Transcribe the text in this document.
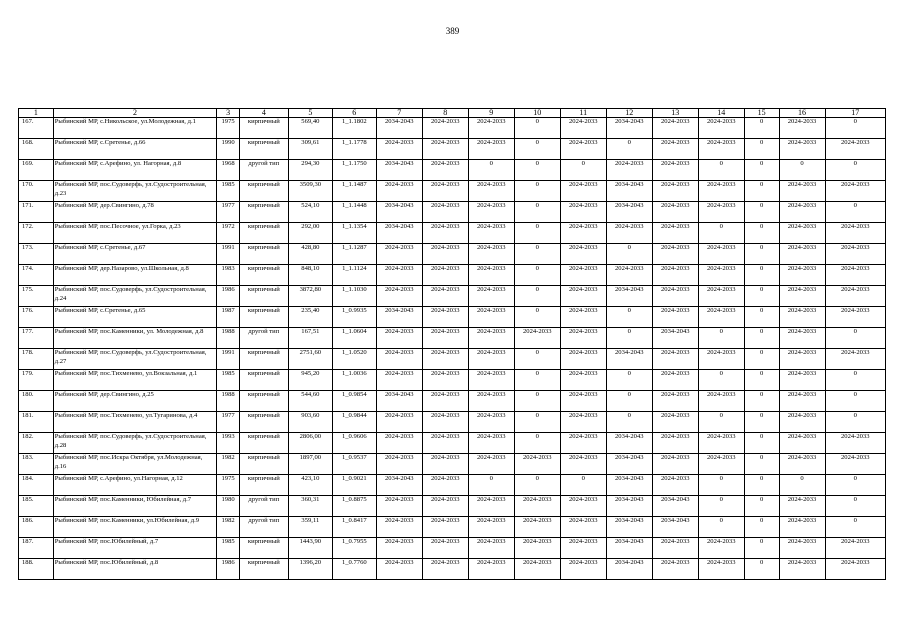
389
1	2	3	4	5	6	7	8	9	10	11	12	13	14	15	16	17
167.	Рыбинский МР, с.Никольское, ул.Молодежная, д.1	1975	кирпичный	569,40	1_1.1802	2034-2043	2024-2033	2024-2033	0	2024-2033	2034-2043	2024-2033	2024-2033	0	2024-2033	0
168.	Рыбинский МР, с.Сретенье, д.66	1990	кирпичный	309,61	1_1.1778	2024-2033	2024-2033	2024-2033	0	2024-2033	0	2024-2033	2024-2033	0	2024-2033	2024-2033
169.	Рыбинский МР, с.Арефино, ул. Нагорная, д.8	1968	другой тип	294,30	1_1.1750	2034-2043	2024-2033	0	0	0	2024-2033	2024-2033	0	0	0	0
170.	Рыбинский МР, пос.Судоверфь, ул.Судостроительная, д.23	1985	кирпичный	3509,30	1_1.1487	2024-2033	2024-2033	2024-2033	0	2024-2033	2034-2043	2024-2033	2024-2033	0	2024-2033	2024-2033
171.	Рыбинский МР, дер.Свингино, д.78	1977	кирпичный	524,10	1_1.1448	2034-2043	2024-2033	2024-2033	0	2024-2033	2034-2043	2024-2033	2024-2033	0	2024-2033	0
172.	Рыбинский МР, пос.Песочное, ул.Горка, д.23	1972	кирпичный	292,00	1_1.1354	2034-2043	2024-2033	2024-2033	0	2024-2033	2024-2033	2024-2033	0	0	2024-2033	2024-2033
173.	Рыбинский МР, с.Сретенье, д.67	1991	кирпичный	428,80	1_1.1287	2024-2033	2024-2033	2024-2033	0	2024-2033	0	2024-2033	2024-2033	0	2024-2033	2024-2033
174.	Рыбинский МР, дер.Назарово, ул.Школьная, д.8	1983	кирпичный	848,10	1_1.1124	2024-2033	2024-2033	2024-2033	0	2024-2033	2024-2033	2024-2033	2024-2033	0	2024-2033	2024-2033
175.	Рыбинский МР, пос.Судоверфь, ул.Судостроительная, д.24	1986	кирпичный	3872,80	1_1.1030	2024-2033	2024-2033	2024-2033	0	2024-2033	2034-2043	2024-2033	2024-2033	0	2024-2033	2024-2033
176.	Рыбинский МР, с.Сретенье, д.65	1987	кирпичный	235,40	1_0.9935	2034-2043	2024-2033	2024-2033	0	2024-2033	0	2024-2033	2024-2033	0	2024-2033	2024-2033
177.	Рыбинский МР, пос.Каменники, ул. Молодежная, д.8	1988	другой тип	167,51	1_1.0604	2024-2033	2024-2033	2024-2033	2024-2033	2024-2033	0	2034-2043	0	0	2024-2033	0
178.	Рыбинский МР, пос.Судоверфь, ул.Судостроительная, д.27	1991	кирпичный	2751,60	1_1.0520	2024-2033	2024-2033	2024-2033	0	2024-2033	2034-2043	2024-2033	2024-2033	0	2024-2033	2024-2033
179.	Рыбинский МР, пос.Тихменево, ул.Вокзальная, д.1	1985	кирпичный	945,20	1_1.0036	2024-2033	2024-2033	2024-2033	0	2024-2033	0	2024-2033	0	0	2024-2033	0
180.	Рыбинский МР, дер.Свингино, д.25	1988	кирпичный	544,60	1_0.9854	2034-2043	2024-2033	2024-2033	0	2024-2033	0	2024-2033	2024-2033	0	2024-2033	0
181.	Рыбинский МР, пос.Тихменево, ул.Тугаринова, д.4	1977	кирпичный	903,60	1_0.9844	2024-2033	2024-2033	2024-2033	0	2024-2033	0	2024-2033	0	0	2024-2033	0
182.	Рыбинский МР, пос.Судоверфь, ул.Судостроительная, д.28	1993	кирпичный	2806,00	1_0.9606	2024-2033	2024-2033	2024-2033	0	2024-2033	2034-2043	2024-2033	2024-2033	0	2024-2033	2024-2033
183.	Рыбинский МР, пос.Искра Октября, ул.Молодежная, д.16	1982	кирпичный	1897,00	1_0.9537	2024-2033	2024-2033	2024-2033	2024-2033	2024-2033	2034-2043	2024-2033	2024-2033	0	2024-2033	2024-2033
184.	Рыбинский МР, с.Арефино, ул.Нагорная, д.12	1975	кирпичный	423,10	1_0.9021	2034-2043	2024-2033	0	0	0	2034-2043	2024-2033	0	0	0	0
185.	Рыбинский МР, пос.Каменники, Юбилейная, д.7	1980	другой тип	360,31	1_0.8875	2024-2033	2024-2033	2024-2033	2024-2033	2024-2033	2034-2043	2034-2043	0	0	2024-2033	0
186.	Рыбинский МР, пос.Каменники, ул.Юбилейная, д.9	1982	другой тип	359,11	1_0.8417	2024-2033	2024-2033	2024-2033	2024-2033	2024-2033	2034-2043	2034-2043	0	0	2024-2033	0
187.	Рыбинский МР, пос.Юбилейный, д.7	1985	кирпичный	1443,90	1_0.7955	2024-2033	2024-2033	2024-2033	2024-2033	2024-2033	2034-2043	2024-2033	2024-2033	0	2024-2033	2024-2033
188.	Рыбинский МР, пос.Юбилейный, д.8	1986	кирпичный	1396,20	1_0.7760	2024-2033	2024-2033	2024-2033	2024-2033	2024-2033	2034-2043	2024-2033	2024-2033	0	2024-2033	2024-2033
